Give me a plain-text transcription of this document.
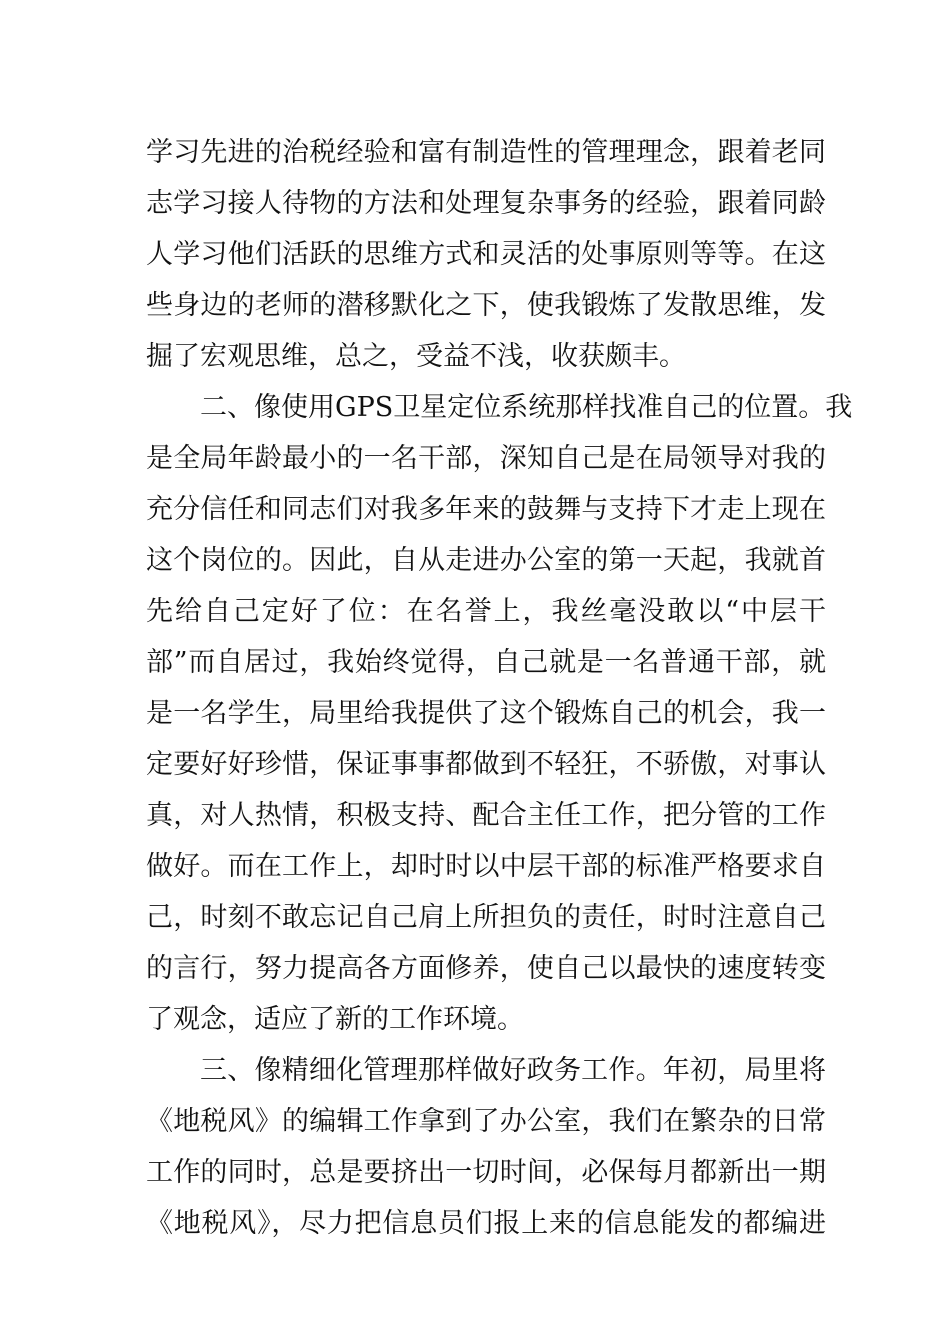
学习先进的治税经验和富有制造性的管理理念，跟着老同
志学习接人待物的方法和处理复杂事务的经验，跟着同龄
人学习他们活跃的思维方式和灵活的处事原则等等。在这
些身边的老师的潜移默化之下，使我锻炼了发散思维，发
掘了宏观思维，总之，受益不浅，收获颇丰。
二、像使用GPS卫星定位系统那样找准自己的位置。我
是全局年龄最小的一名干部，深知自己是在局领导对我的
充分信任和同志们对我多年来的鼓舞与支持下才走上现在
这个岗位的。因此，自从走进办公室的第一天起，我就首
先给自己定好了位：在名誉上，我丝毫没敢以“中层干
部”而自居过，我始终觉得，自己就是一名普通干部，就
是一名学生，局里给我提供了这个锻炼自己的机会，我一
定要好好珍惜，保证事事都做到不轻狂，不骄傲，对事认
真，对人热情，积极支持、配合主任工作，把分管的工作
做好。而在工作上，却时时以中层干部的标准严格要求自
己，时刻不敢忘记自己肩上所担负的责任，时时注意自己
的言行，努力提高各方面修养，使自己以最快的速度转变
了观念，适应了新的工作环境。
三、像精细化管理那样做好政务工作。年初，局里将
《地税风》的编辑工作拿到了办公室，我们在繁杂的日常
工作的同时，总是要挤出一切时间，必保每月都新出一期
《地税风》，尽力把信息员们报上来的信息能发的都编进
